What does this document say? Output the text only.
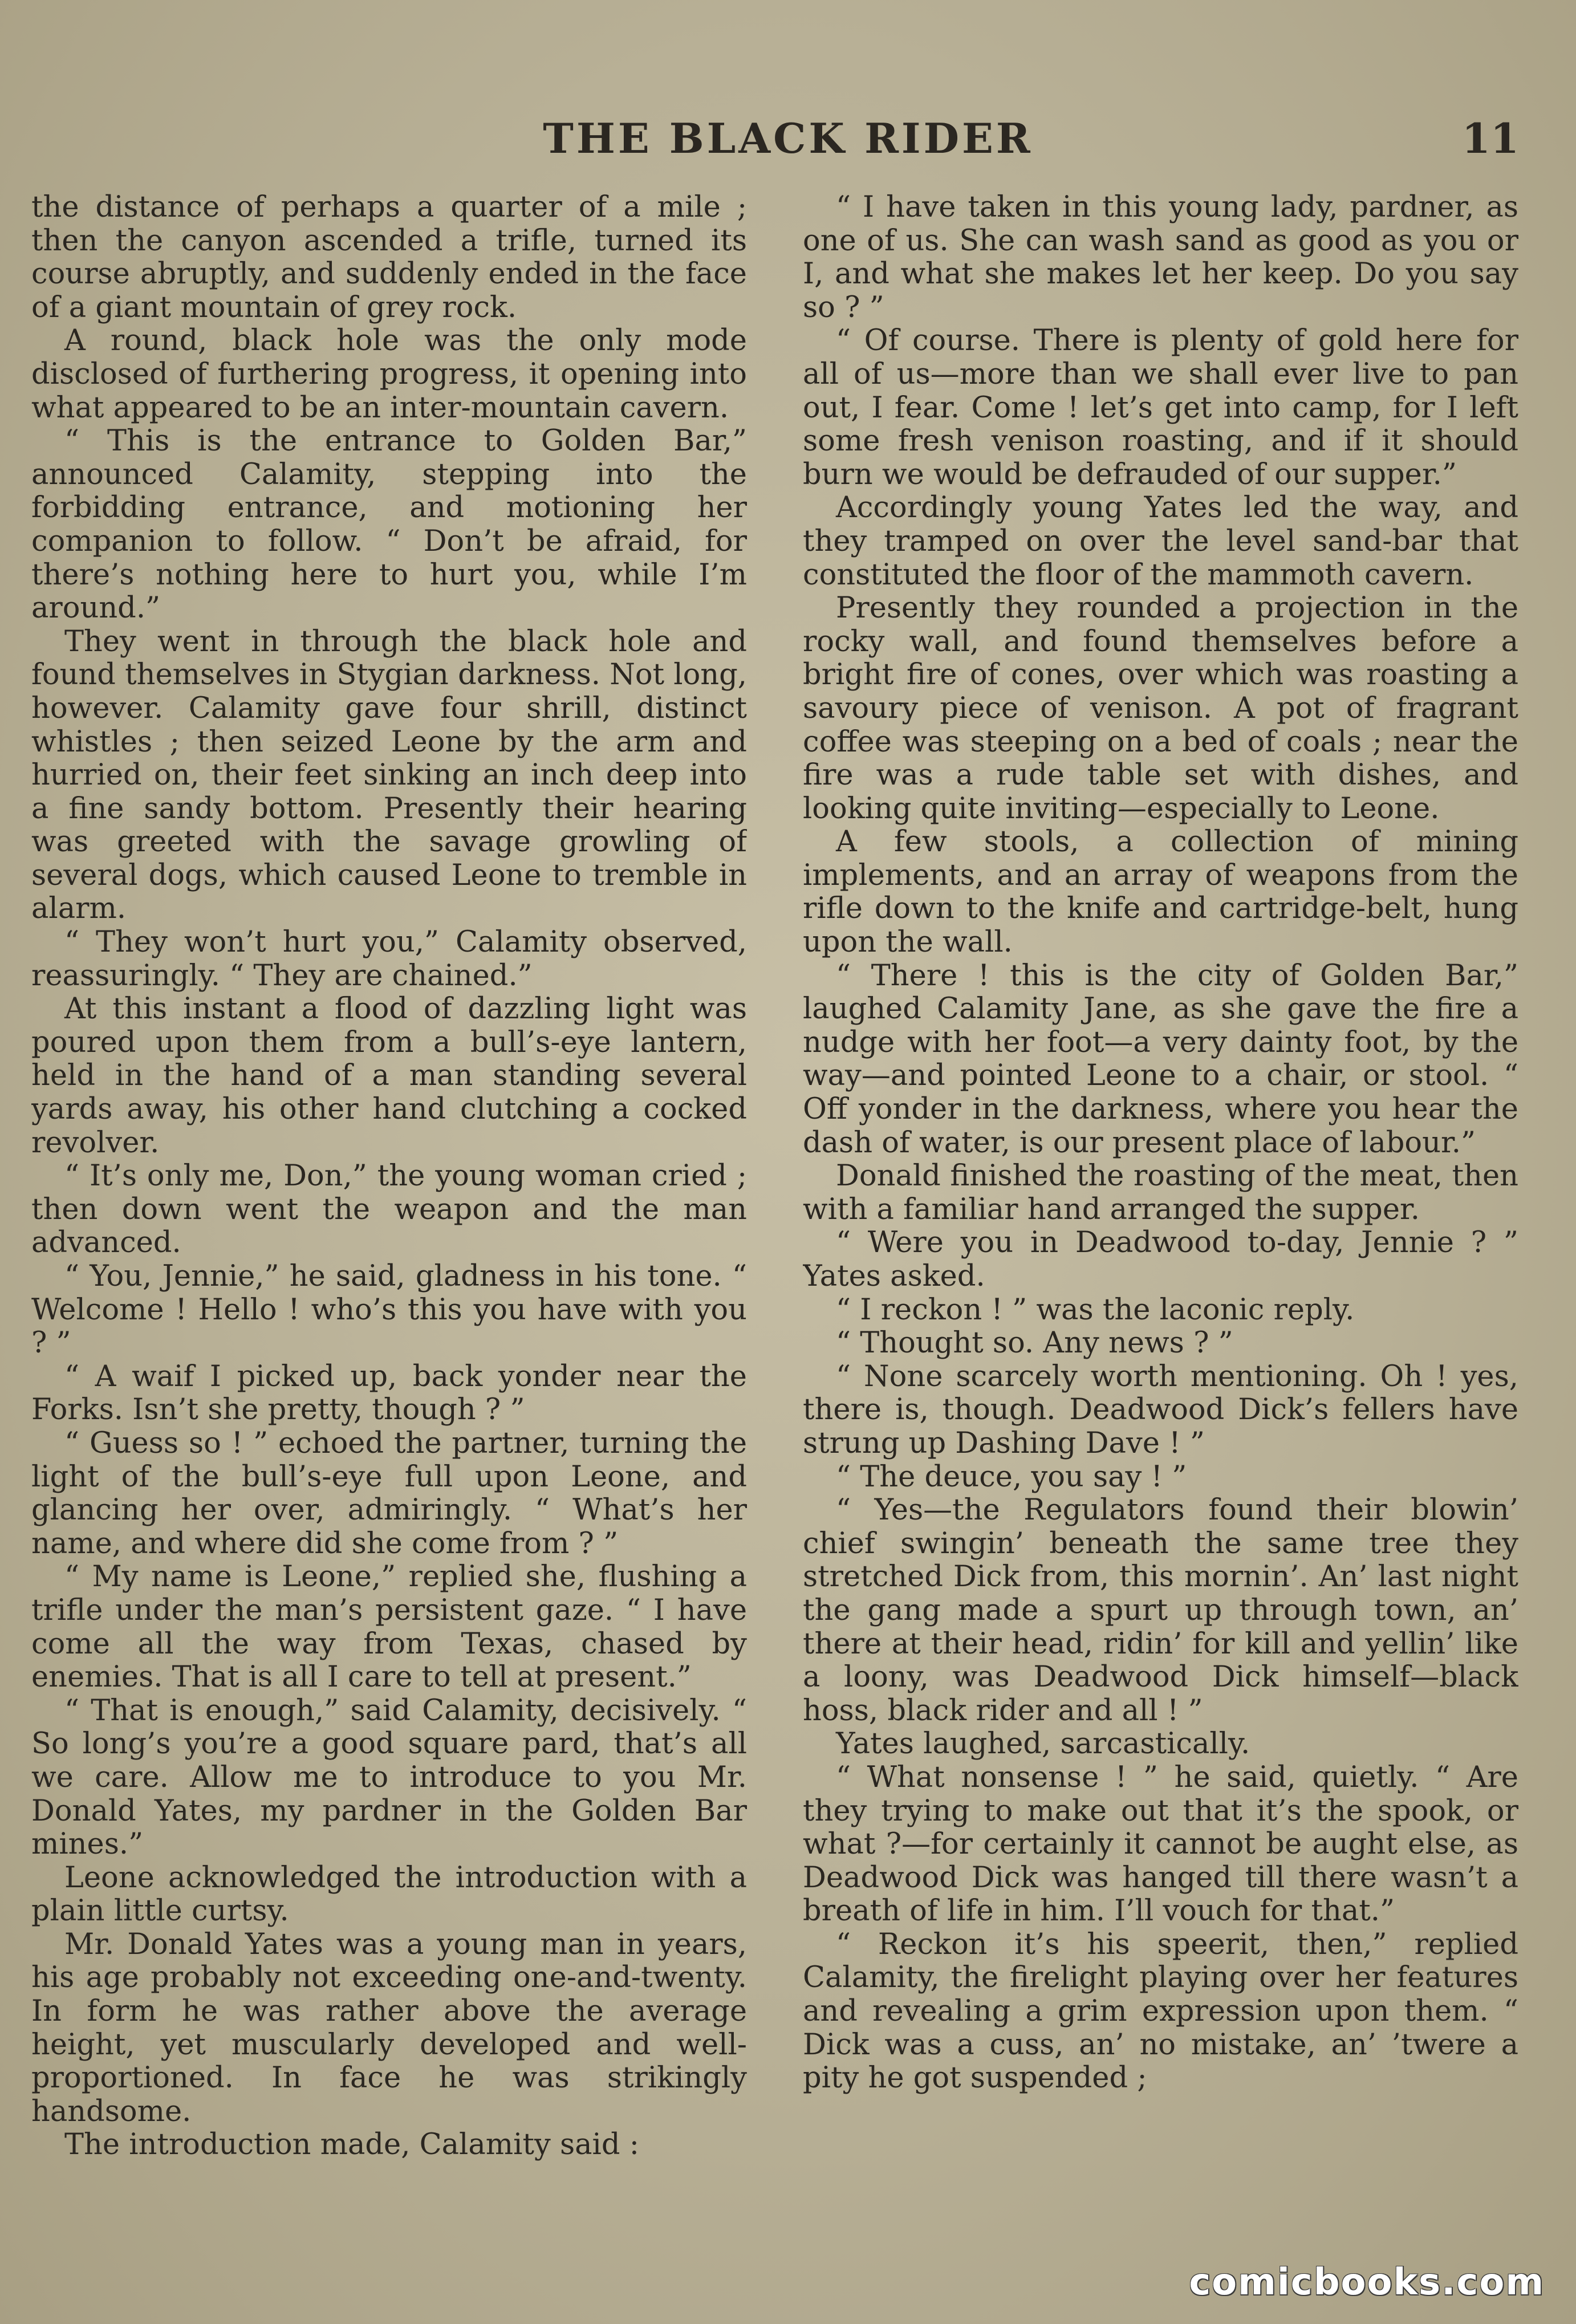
THE BLACK RIDER	11

the distance of perhaps a quarter of a mile ; then the canyon ascended a trifle, turned its course abruptly, and suddenly ended in the face of a giant mountain of grey rock.

A round, black hole was the only mode disclosed of furthering progress, it opening into what appeared to be an inter-mountain cavern.

“ This is the entrance to Golden Bar,” announced Calamity, stepping into the forbidding entrance, and motioning her companion to follow. “ Don’t be afraid, for there’s nothing here to hurt you, while I’m around.”

They went in through the black hole and found themselves in Stygian darkness. Not long, however. Calamity gave four shrill, distinct whistles ; then seized Leone by the arm and hurried on, their feet sinking an inch deep into a fine sandy bottom. Presently their hearing was greeted with the savage growling of several dogs, which caused Leone to tremble in alarm.

“ They won’t hurt you,” Calamity observed, reassuringly. “ They are chained.”

At this instant a flood of dazzling light was poured upon them from a bull’s-eye lantern, held in the hand of a man standing several yards away, his other hand clutching a cocked revolver.

“ It’s only me, Don,” the young woman cried ; then down went the weapon and the man advanced.

“ You, Jennie,” he said, gladness in his tone. “ Welcome ! Hello ! who’s this you have with you ? ”

“ A waif I picked up, back yonder near the Forks. Isn’t she pretty, though ? ”

“ Guess so ! ” echoed the partner, turning the light of the bull’s-eye full upon Leone, and glancing her over, admiringly. “ What’s her name, and where did she come from ? ”

“ My name is Leone,” replied she, flushing a trifle under the man’s persistent gaze. “ I have come all the way from Texas, chased by enemies. That is all I care to tell at present.”

“ That is enough,” said Calamity, decisively. “ So long’s you’re a good square pard, that’s all we care. Allow me to introduce to you Mr. Donald Yates, my pardner in the Golden Bar mines.”

Leone acknowledged the introduction with a plain little curtsy.

Mr. Donald Yates was a young man in years, his age probably not exceeding one-and-twenty. In form he was rather above the average height, yet muscularly developed and well-proportioned. In face he was strikingly handsome.

The introduction made, Calamity said :

“ I have taken in this young lady, pardner, as one of us. She can wash sand as good as you or I, and what she makes let her keep. Do you say so ? ”

“ Of course. There is plenty of gold here for all of us—more than we shall ever live to pan out, I fear. Come ! let’s get into camp, for I left some fresh venison roasting, and if it should burn we would be defrauded of our supper.”

Accordingly young Yates led the way, and they tramped on over the level sand-bar that constituted the floor of the mammoth cavern.

Presently they rounded a projection in the rocky wall, and found themselves before a bright fire of cones, over which was roasting a savoury piece of venison. A pot of fragrant coffee was steeping on a bed of coals ; near the fire was a rude table set with dishes, and looking quite inviting—especially to Leone.

A few stools, a collection of mining implements, and an array of weapons from the rifle down to the knife and cartridge-belt, hung upon the wall.

“ There ! this is the city of Golden Bar,” laughed Calamity Jane, as she gave the fire a nudge with her foot—a very dainty foot, by the way—and pointed Leone to a chair, or stool. “ Off yonder in the darkness, where you hear the dash of water, is our present place of labour.”

Donald finished the roasting of the meat, then with a familiar hand arranged the supper.

“ Were you in Deadwood to-day, Jennie ? ” Yates asked.

“ I reckon ! ” was the laconic reply.

“ Thought so. Any news ? ”

“ None scarcely worth mentioning. Oh ! yes, there is, though. Deadwood Dick’s fellers have strung up Dashing Dave ! ”

“ The deuce, you say ! ”

“ Yes—the Regulators found their blowin’ chief swingin’ beneath the same tree they stretched Dick from, this mornin’. An’ last night the gang made a spurt up through town, an’ there at their head, ridin’ for kill and yellin’ like a loony, was Deadwood Dick himself—black hoss, black rider and all ! ”

Yates laughed, sarcastically.

“ What nonsense ! ” he said, quietly. “ Are they trying to make out that it’s the spook, or what ?—for certainly it cannot be aught else, as Deadwood Dick was hanged till there wasn’t a breath of life in him. I’ll vouch for that.”

“ Reckon it’s his speerit, then,” replied Calamity, the firelight playing over her features and revealing a grim expression upon them. “ Dick was a cuss, an’ no mistake, an’ ’twere a pity he got suspended ;

comicbooks.com
